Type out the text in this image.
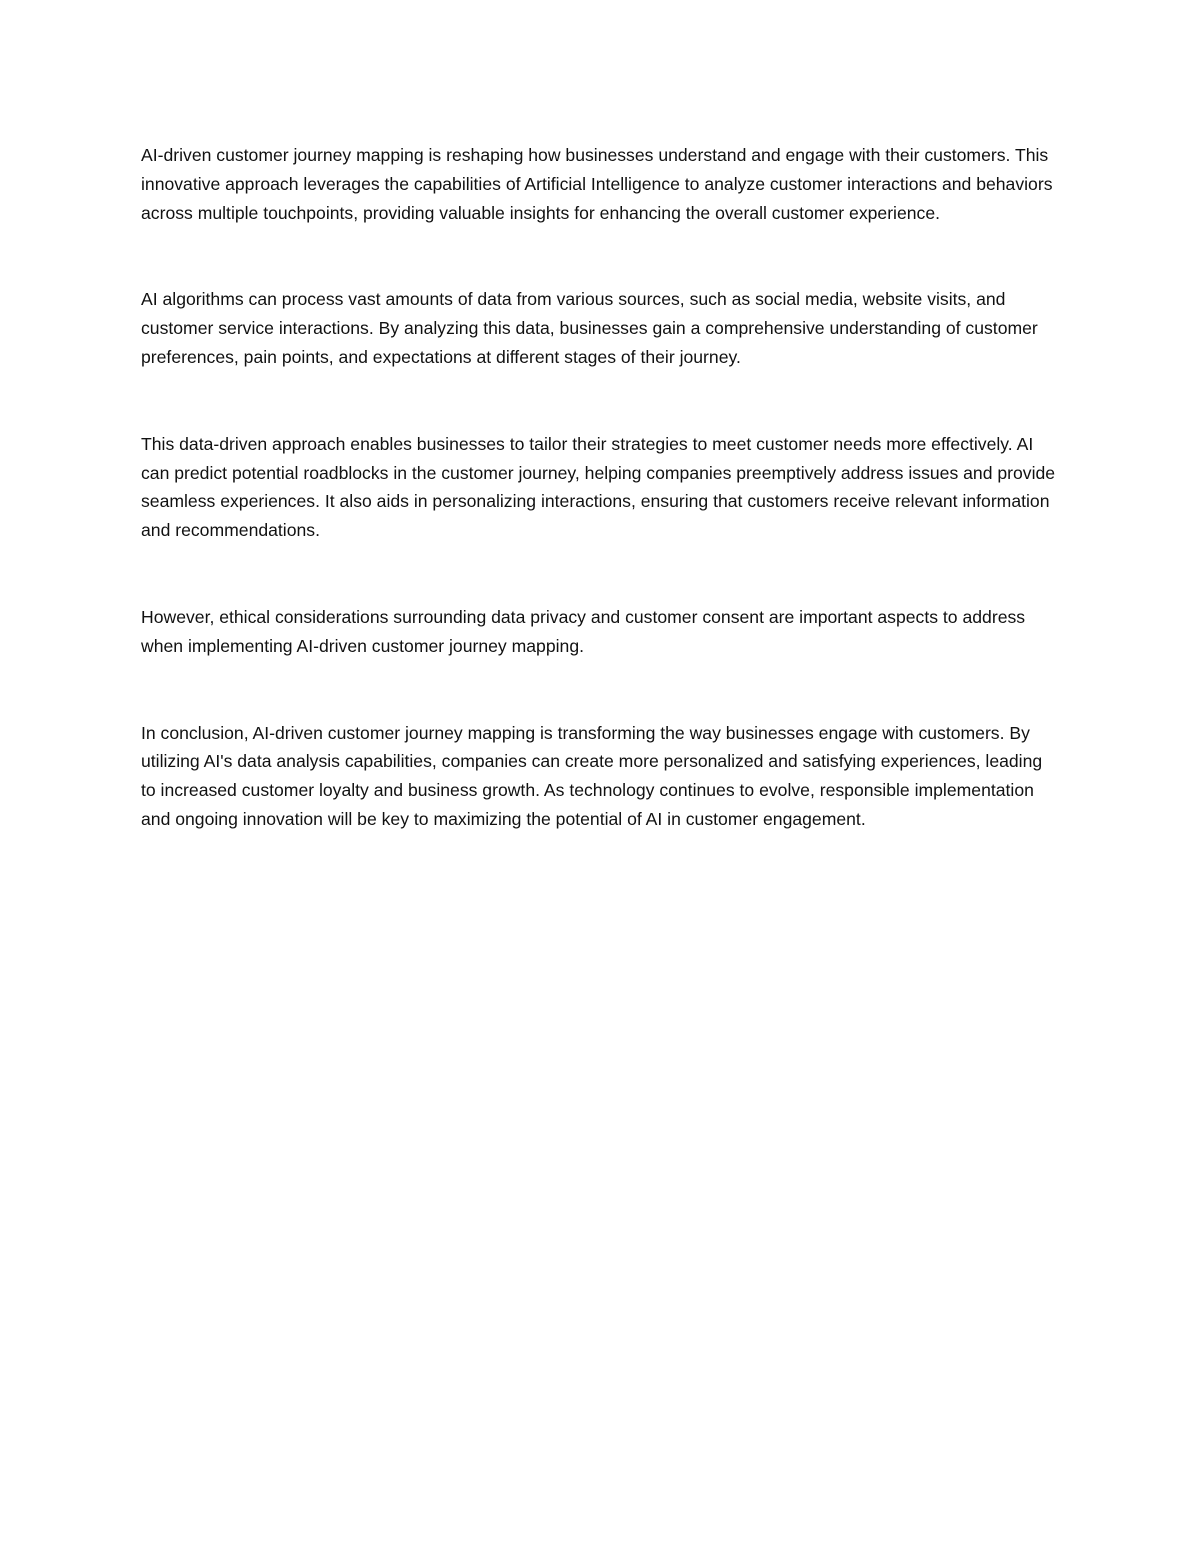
AI-driven customer journey mapping is reshaping how businesses understand and engage with their customers. This innovative approach leverages the capabilities of Artificial Intelligence to analyze customer interactions and behaviors across multiple touchpoints, providing valuable insights for enhancing the overall customer experience.

AI algorithms can process vast amounts of data from various sources, such as social media, website visits, and customer service interactions. By analyzing this data, businesses gain a comprehensive understanding of customer preferences, pain points, and expectations at different stages of their journey.

This data-driven approach enables businesses to tailor their strategies to meet customer needs more effectively. AI can predict potential roadblocks in the customer journey, helping companies preemptively address issues and provide seamless experiences. It also aids in personalizing interactions, ensuring that customers receive relevant information and recommendations.

However, ethical considerations surrounding data privacy and customer consent are important aspects to address when implementing AI-driven customer journey mapping.

In conclusion, AI-driven customer journey mapping is transforming the way businesses engage with customers. By utilizing AI's data analysis capabilities, companies can create more personalized and satisfying experiences, leading to increased customer loyalty and business growth. As technology continues to evolve, responsible implementation and ongoing innovation will be key to maximizing the potential of AI in customer engagement.
